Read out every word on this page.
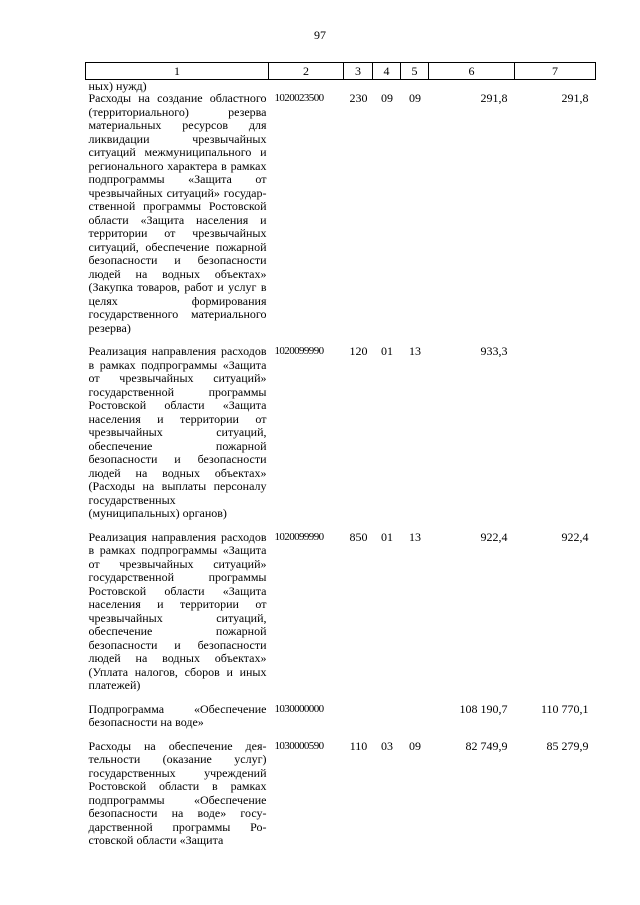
97
1	2	3	4	5	6	7
ных) нужд)						
Расходы на создание областного (территориального) резерва материальных ресурсов для ликвидации чрезвычайных ситуаций межмуниципального и регионального характера в рамках подпрограммы «Защита от чрезвычайных ситуаций» государственной программы Ростовской области «Защита населения и территории от чрезвычайных ситуаций, обеспечение пожарной безопасности и безопасности людей на водных объектах» (Закупка товаров, работ и услуг в целях формирования государственного материального резерва)	1020023500	230	09	09	291,8	291,8
Реализация направления расходов в рамках подпрограммы «Защита от чрезвычайных ситуаций» государственной программы Ростовской области «Защита населения и территории от чрезвычайных ситуаций, обеспечение пожарной безопасности и безопасности людей на водных объектах» (Расходы на выплаты персоналу государственных (муниципальных) органов)	1020099990	120	01	13	933,3	
Реализация направления расходов в рамках подпрограммы «Защита от чрезвычайных ситуаций» государственной программы Ростовской области «Защита населения и территории от чрезвычайных ситуаций, обеспечение пожарной безопасности и безопасности людей на водных объектах» (Уплата налогов, сборов и иных платежей)	1020099990	850	01	13	922,4	922,4
Подпрограмма «Обеспечение безопасности на воде»	1030000000				108 190,7	110 770,1
Расходы на обеспечение деятельности (оказание услуг) государственных учреждений Ростовской области в рамках подпрограммы «Обеспечение безопасности на воде» государственной программы Ростовской области «Защита	1030000590	110	03	09	82 749,9	85 279,9
